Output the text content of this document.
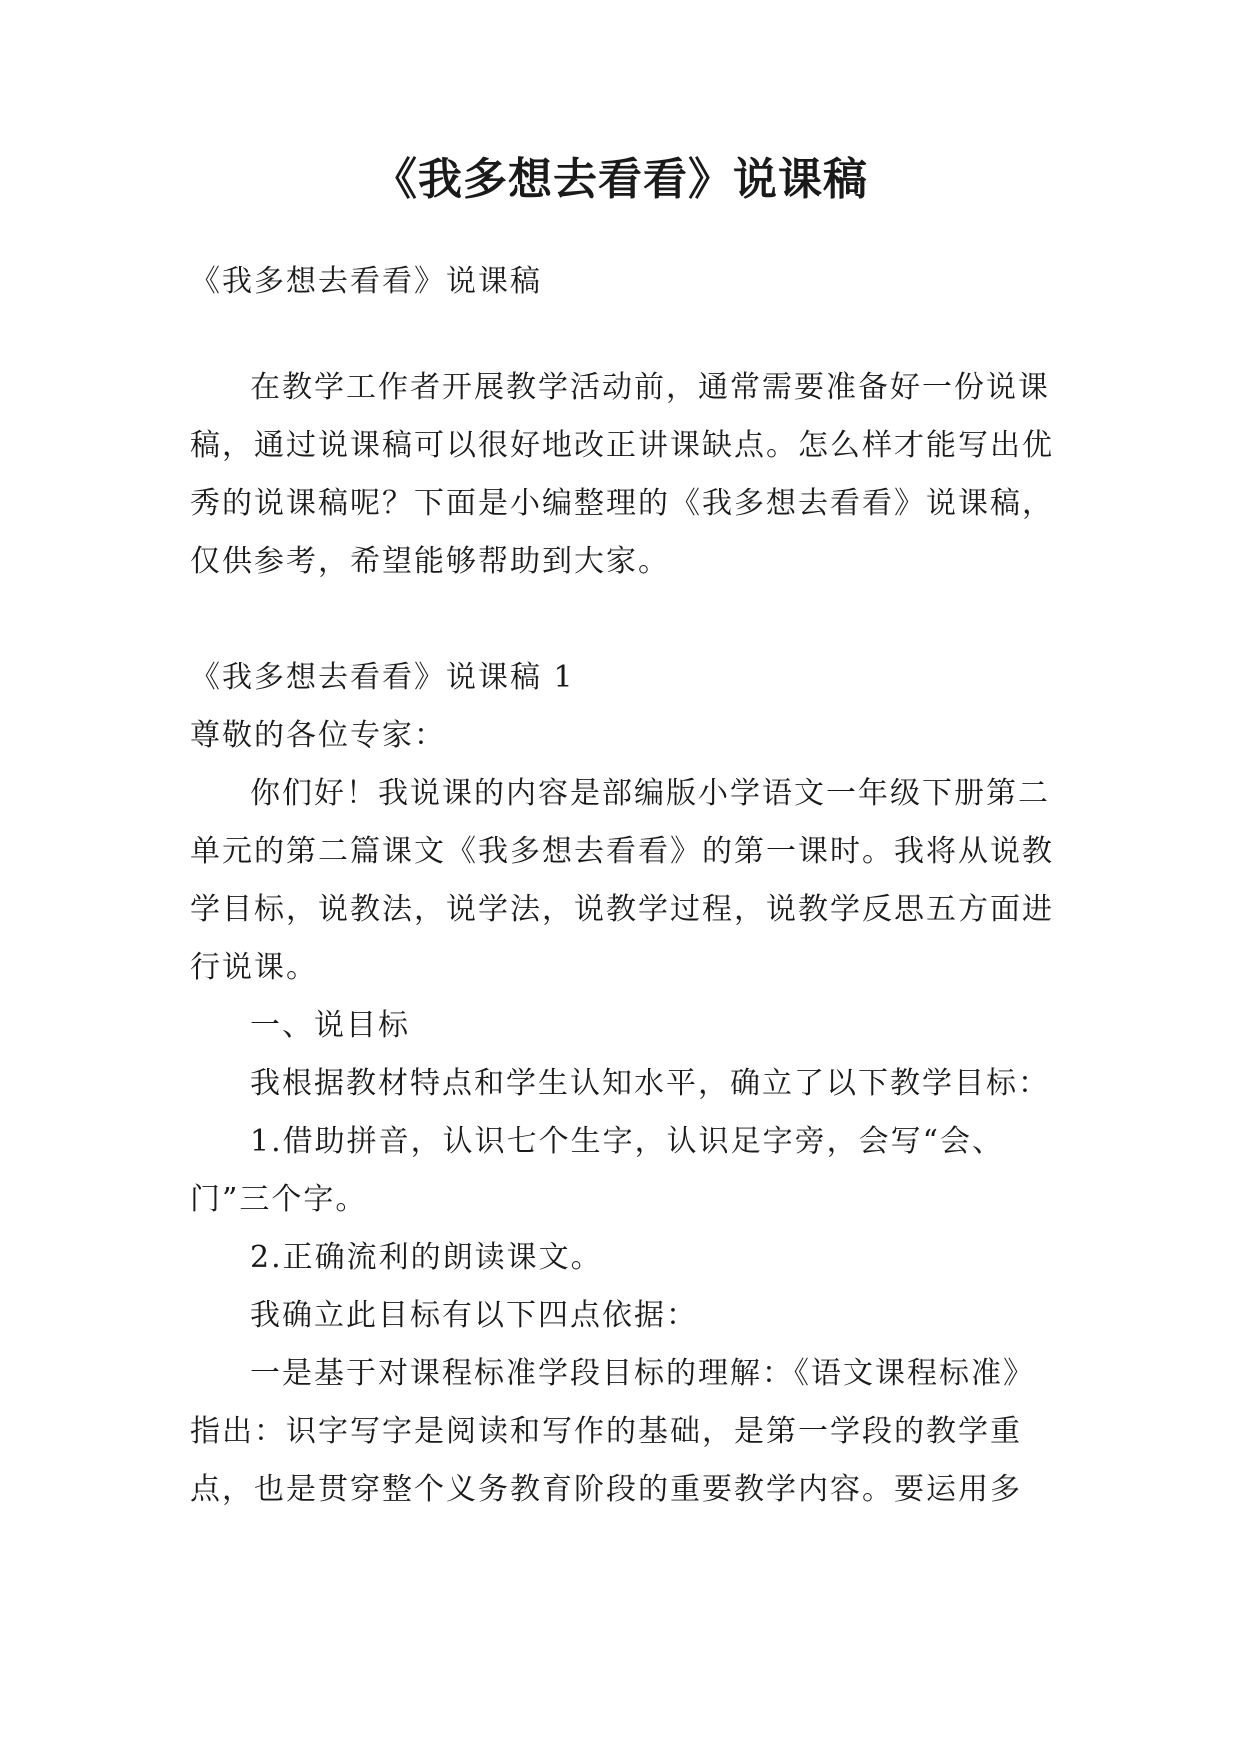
《我多想去看看》说课稿

《我多想去看看》说课稿

在教学工作者开展教学活动前，通常需要准备好一份说课稿，通过说课稿可以很好地改正讲课缺点。怎么样才能写出优秀的说课稿呢？下面是小编整理的《我多想去看看》说课稿，仅供参考，希望能够帮助到大家。

《我多想去看看》说课稿 1

尊敬的各位专家：

你们好！我说课的内容是部编版小学语文一年级下册第二单元的第二篇课文《我多想去看看》的第一课时。我将从说教学目标，说教法，说学法，说教学过程，说教学反思五方面进行说课。

一、说目标

我根据教材特点和学生认知水平，确立了以下教学目标：

1.借助拼音，认识七个生字，认识足字旁，会写“会、门”三个字。

2.正确流利的朗读课文。

我确立此目标有以下四点依据：

一是基于对课程标准学段目标的理解：《语文课程标准》指出：识字写字是阅读和写作的基础，是第一学段的教学重点，也是贯穿整个义务教育阶段的重要教学内容。要运用多
